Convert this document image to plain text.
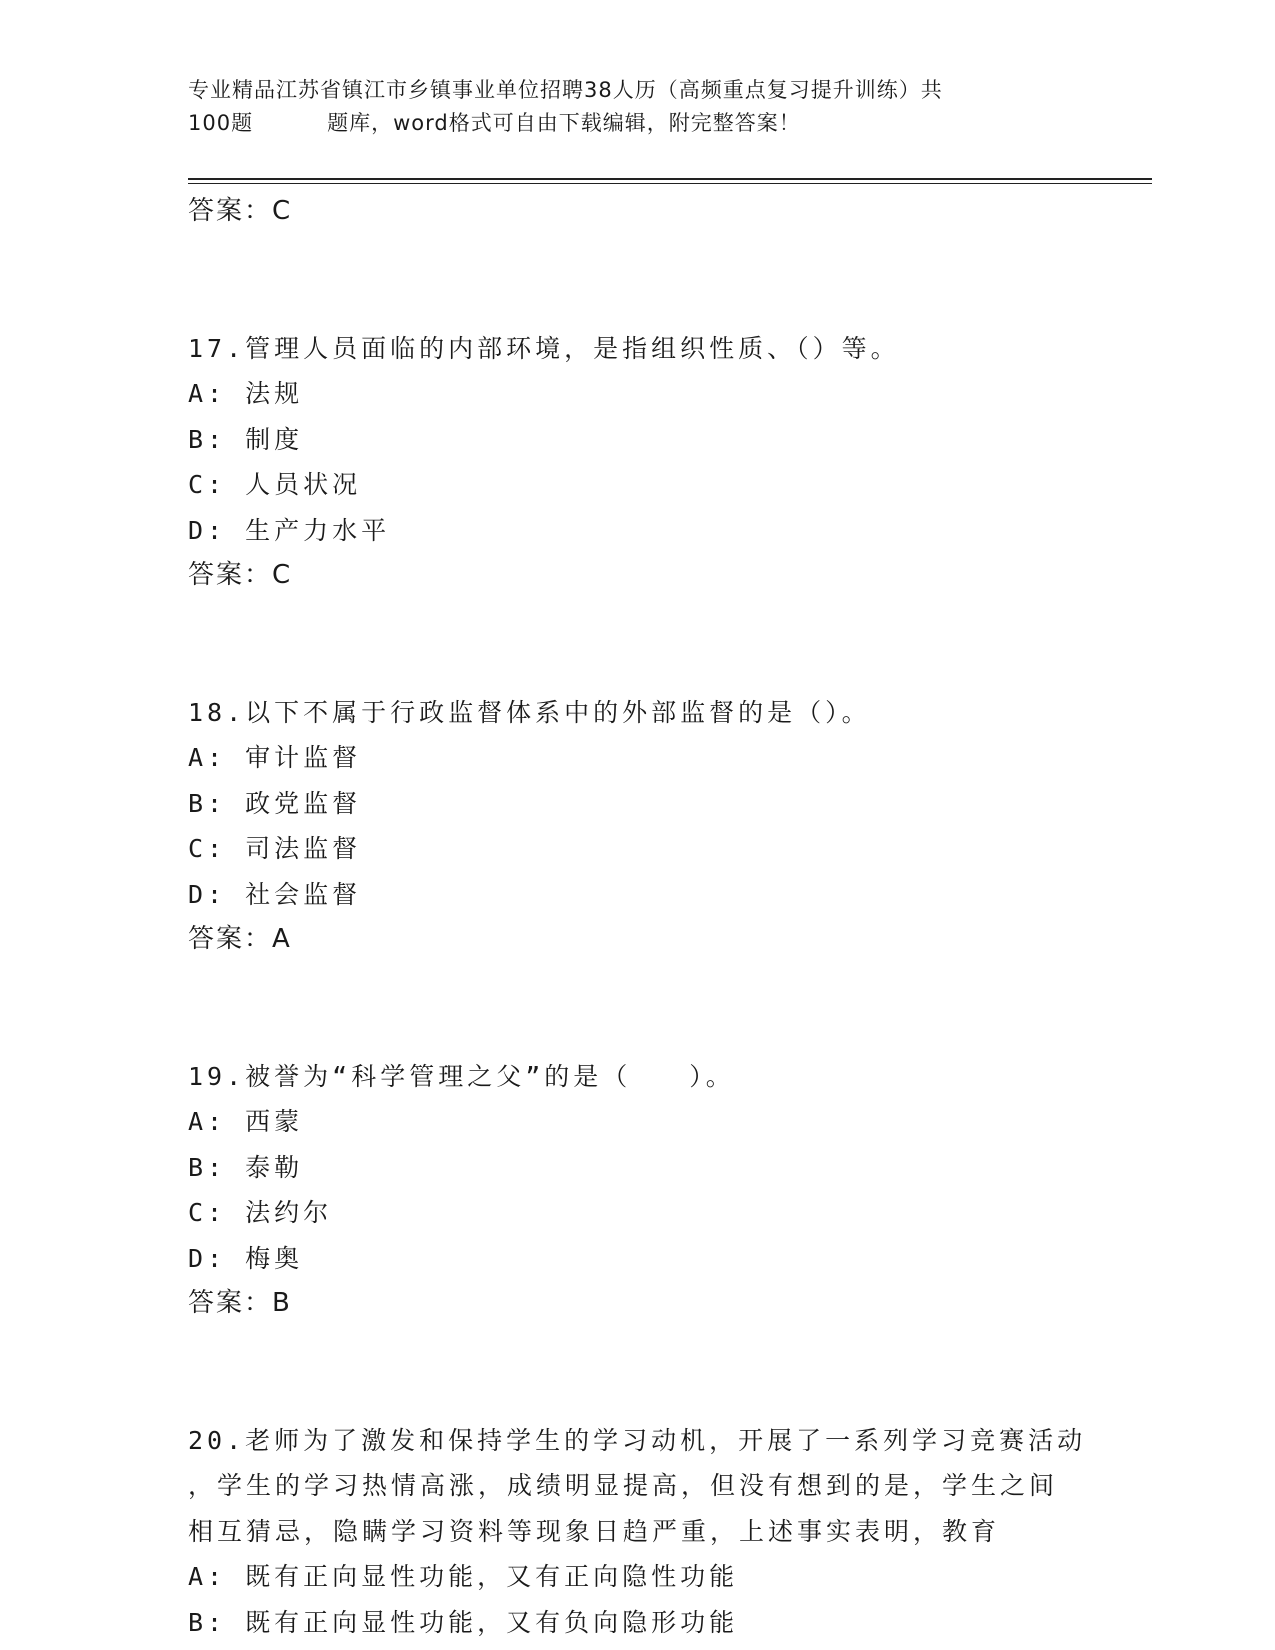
专业精品江苏省镇江市乡镇事业单位招聘38人历（高频重点复习提升训练）共
100题	题库，word格式可自由下载编辑，附完整答案！
答案：C
17.管理人员面临的内部环境，是指组织性质、（）等。
A: 法规
B: 制度
C: 人员状况
D: 生产力水平
答案：C
18.以下不属于行政监督体系中的外部监督的是（）。
A: 审计监督
B: 政党监督
C: 司法监督
D: 社会监督
答案：A
19.被誉为“科学管理之父”的是（　　）。
A: 西蒙
B: 泰勒
C: 法约尔
D: 梅奥
答案：B
20.老师为了激发和保持学生的学习动机，开展了一系列学习竞赛活动
，学生的学习热情高涨，成绩明显提高，但没有想到的是，学生之间
相互猜忌，隐瞒学习资料等现象日趋严重，上述事实表明，教育
A: 既有正向显性功能，又有正向隐性功能
B: 既有正向显性功能，又有负向隐形功能
